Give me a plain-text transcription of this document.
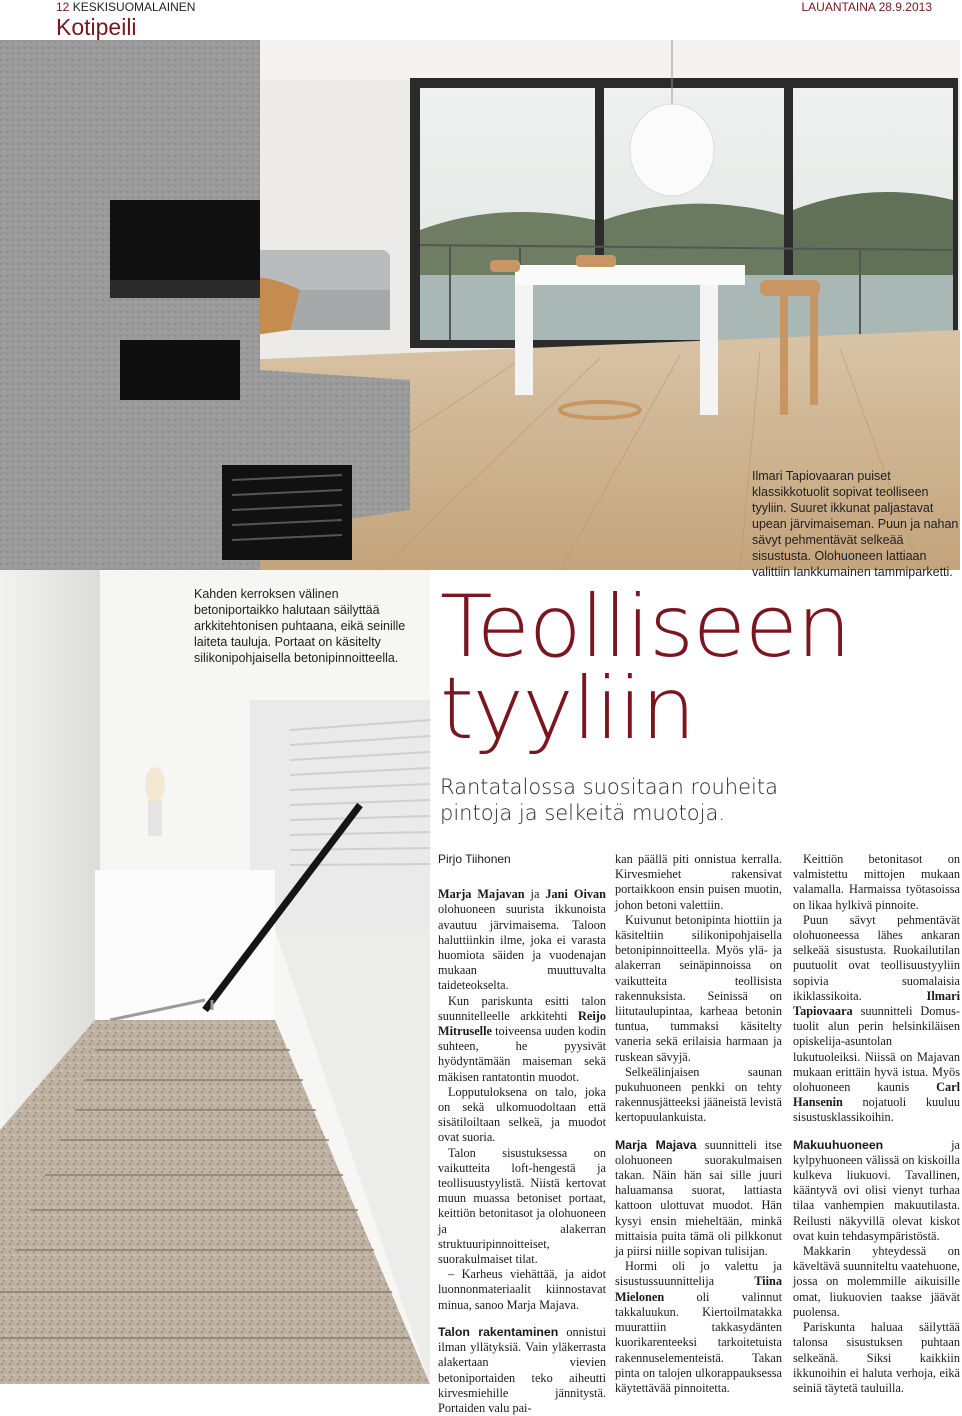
12 KESKISUOMALAINEN	LAUANTAINA 28.9.2013
Kotipeili
Ilmari Tapiovaaran puiset klassikkotuolit sopivat teolliseen tyyliin. Suuret ikkunat paljastavat upean järvimaiseman. Puun ja nahan sävyt pehmentävät selkeää sisustusta. Olohuoneen lattiaan valittiin lankkumainen tammiparketti.
Kahden kerroksen välinen betoniportaikko halutaan säilyttää arkkitehtonisen puhtaana, eikä seinille laiteta tauluja. Portaat on käsitelty silikonipohjaisella betonipinnoitteella. Teolliseen
tyyliin
Rantatalossa suositaan rouheita pintoja ja selkeitä muotoja.

Pirjo Tiihonen

Marja Majavan ja Jani Oivan olohuoneen suurista ikkunoista avautuu järvimaisema. Taloon haluttiinkin ilme, joka ei varasta huomiota säiden ja vuodenajan mukaan muuttuvalta taideteokselta.

Kun pariskunta esitti talon suunnitelleelle arkkitehti Reijo Mitruselle toiveensa uuden kodin suhteen, he pyysivät hyödyntämään maiseman sekä mäkisen rantatontin muodot.

Lopputuloksena on talo, joka on sekä ulkomuodoltaan että sisätiloiltaan selkeä, ja muodot ovat suoria.

Talon sisustuksessa on vaikutteita loft-hengestä ja teollisuustyylistä. Niistä kertovat muun muassa betoniset portaat, keittiön betonitasot ja olohuoneen ja alakerran struktuuripinnoitteiset, suorakulmaiset tilat.

– Karheus viehättää, ja aidot luonnonmateriaalit kiinnostavat minua, sanoo Marja Majava.

Talon rakentaminen onnistui ilman yllätyksiä. Vain yläkerrasta alakertaan vievien betoniportaiden teko aiheutti kirvesmiehille jännitystä. Portaiden valu pai-

kan päällä piti onnistua kerralla. Kirvesmiehet rakensivat portaikkoon ensin puisen muotin, johon betoni valettiin.

Kuivunut betonipinta hiottiin ja käsiteltiin silikonipohjaisella betonipinnoitteella. Myös ylä- ja alakerran seinäpinnoissa on vaikutteita teollisista rakennuksista. Seinissä on liitutaulupintaa, karheaa betonin tuntua, tummaksi käsitelty vaneria sekä erilaisia harmaan ja ruskean sävyjä.

Selkeälinjaisen saunan pukuhuoneen penkki on tehty rakennusjätteeksi jääneistä levistä kertopuulankuista.

Marja Majava suunnitteli itse olohuoneen suorakulmaisen takan. Näin hän sai sille juuri haluamansa suorat, lattiasta kattoon ulottuvat muodot. Hän kysyi ensin mieheltään, minkä mittaisia puita tämä oli pilkkonut ja piirsi niille sopivan tulisijan.

Hormi oli jo valettu ja sisustussuunnittelija Tiina Mielonen oli valinnut takkaluukun. Kiertoilmatakka muurattiin takkasydänten kuorikarenteeksi tarkoitetuista rakennuselementeistä. Takan pinta on talojen ulkorappauksessa käytettävää pinnoitetta.

Keittiön betonitasot on valmistettu mittojen mukaan valamalla. Harmaissa työtasoissa on likaa hylkivä pinnoite.

Puun sävyt pehmentävät olohuoneessa lähes ankaran selkeää sisustusta. Ruokailutilan puutuolit ovat teollisuustyyliin sopivia suomalaisia ikiklassikoita. Ilmari Tapiovaara suunnitteli Domus-tuolit alun perin helsinkiläisen opiskelija-asuntolan lukutuoleiksi. Niissä on Majavan mukaan erittäin hyvä istua. Myös olohuoneen kaunis Carl Hansenin nojatuoli kuuluu sisustusklassikoihin.

Makuuhuoneen ja kylpyhuoneen välissä on kiskoilla kulkeva liukuovi. Tavallinen, kääntyvä ovi olisi vienyt turhaa tilaa vanhempien makuutilasta. Reilusti näkyvillä olevat kiskot ovat kuin tehdasympäristöstä.

Makkarin yhteydessä on käveltävä suunniteltu vaatehuone, jossa on molemmille aikuisille omat, liukuovien taakse jäävät puolensa.

Pariskunta haluaa säilyttää talonsa sisustuksen puhtaan selkeänä. Siksi kaikkiin ikkunoihin ei haluta verhoja, eikä seiniä täytetä tauluilla.
